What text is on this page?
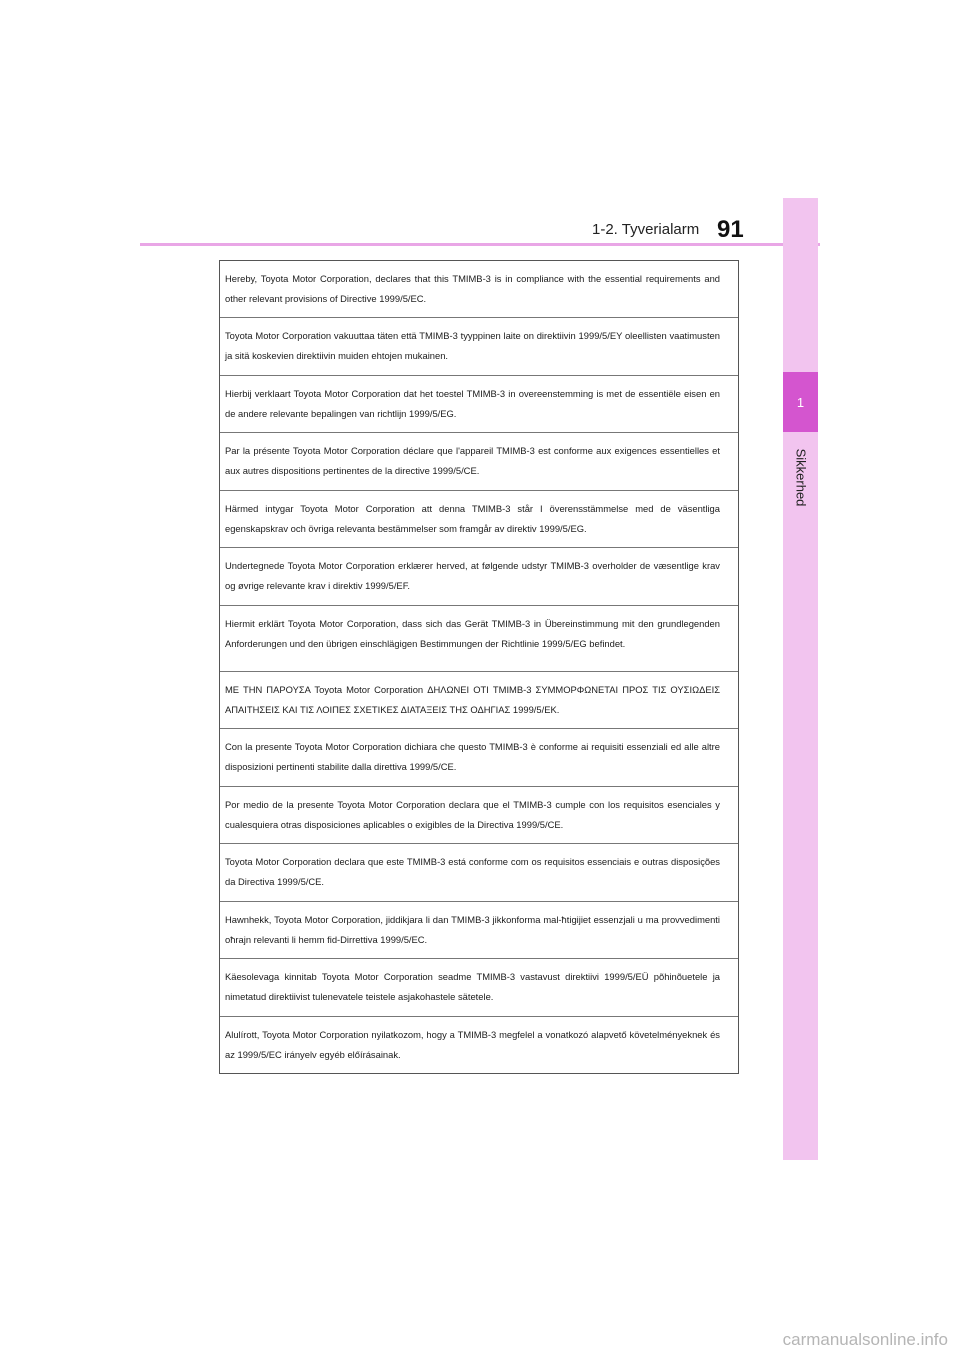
1-2. Tyverialarm 91
1
Sikkerhed
Hereby, Toyota Motor Corporation, declares that this TMIMB-3 is in compliance with the essential requirements and other relevant provisions of Directive 1999/5/EC.
Toyota Motor Corporation vakuuttaa täten että TMIMB-3 tyyppinen laite on direktiivin 1999/5/EY oleellisten vaatimusten ja sitä koskevien direktiivin muiden ehtojen mukainen.
Hierbij verklaart Toyota Motor Corporation dat het toestel TMIMB-3 in overeenstemming is met de essentiële eisen en de andere relevante bepalingen van richtlijn 1999/5/EG.
Par la présente Toyota Motor Corporation déclare que l'appareil TMIMB-3 est conforme aux exigences essentielles et aux autres dispositions pertinentes de la directive 1999/5/CE.
Härmed intygar Toyota Motor Corporation att denna TMIMB-3 står I överensstämmelse med de väsentliga egenskapskrav och övriga relevanta bestämmelser som framgår av direktiv 1999/5/EG.
Undertegnede Toyota Motor Corporation erklærer herved, at følgende udstyr TMIMB-3 overholder de væsentlige krav og øvrige relevante krav i direktiv 1999/5/EF.
Hiermit erklärt Toyota Motor Corporation, dass sich das Gerät TMIMB-3 in Übereinstimmung mit den grundlegenden Anforderungen und den übrigen einschlägigen Bestimmungen der Richtlinie 1999/5/EG befindet.
ΜΕ ΤΗΝ ΠΑΡΟΥΣΑ Toyota Motor Corporation ΔΗΛΩΝΕΙ ΟΤΙ TMIMB-3 ΣΥΜΜΟΡΦΩΝΕΤΑΙ ΠΡΟΣ ΤΙΣ ΟΥΣΙΩΔΕΙΣ ΑΠΑΙΤΗΣΕΙΣ ΚΑΙ ΤΙΣ ΛΟΙΠΕΣ ΣΧΕΤΙΚΕΣ ΔΙΑΤΑΞΕΙΣ ΤΗΣ ΟΔΗΓΙΑΣ 1999/5/ΕΚ.
Con la presente Toyota Motor Corporation dichiara che questo TMIMB-3 è conforme ai requisiti essenziali ed alle altre disposizioni pertinenti stabilite dalla direttiva 1999/5/CE.
Por medio de la presente Toyota Motor Corporation declara que el TMIMB-3 cumple con los requisitos esenciales y cualesquiera otras disposiciones aplicables o exigibles de la Directiva 1999/5/CE.
Toyota Motor Corporation declara que este TMIMB-3 está conforme com os requisitos essenciais e outras disposições da Directiva 1999/5/CE.
Hawnhekk, Toyota Motor Corporation, jiddikjara li dan TMIMB-3 jikkonforma mal-ħtigijiet essenzjali u ma provvedimenti oħrajn relevanti li hemm fid-Dirrettiva 1999/5/EC.
Käesolevaga kinnitab Toyota Motor Corporation seadme TMIMB-3 vastavust direktiivi 1999/5/EÜ põhinõuetele ja nimetatud direktiivist tulenevatele teistele asjakohastele sätetele.
Alulírott, Toyota Motor Corporation nyilatkozom, hogy a TMIMB-3 megfelel a vonatkozó alapvető követelményeknek és az 1999/5/EC irányelv egyéb előírásainak.
carmanualsonline.info
